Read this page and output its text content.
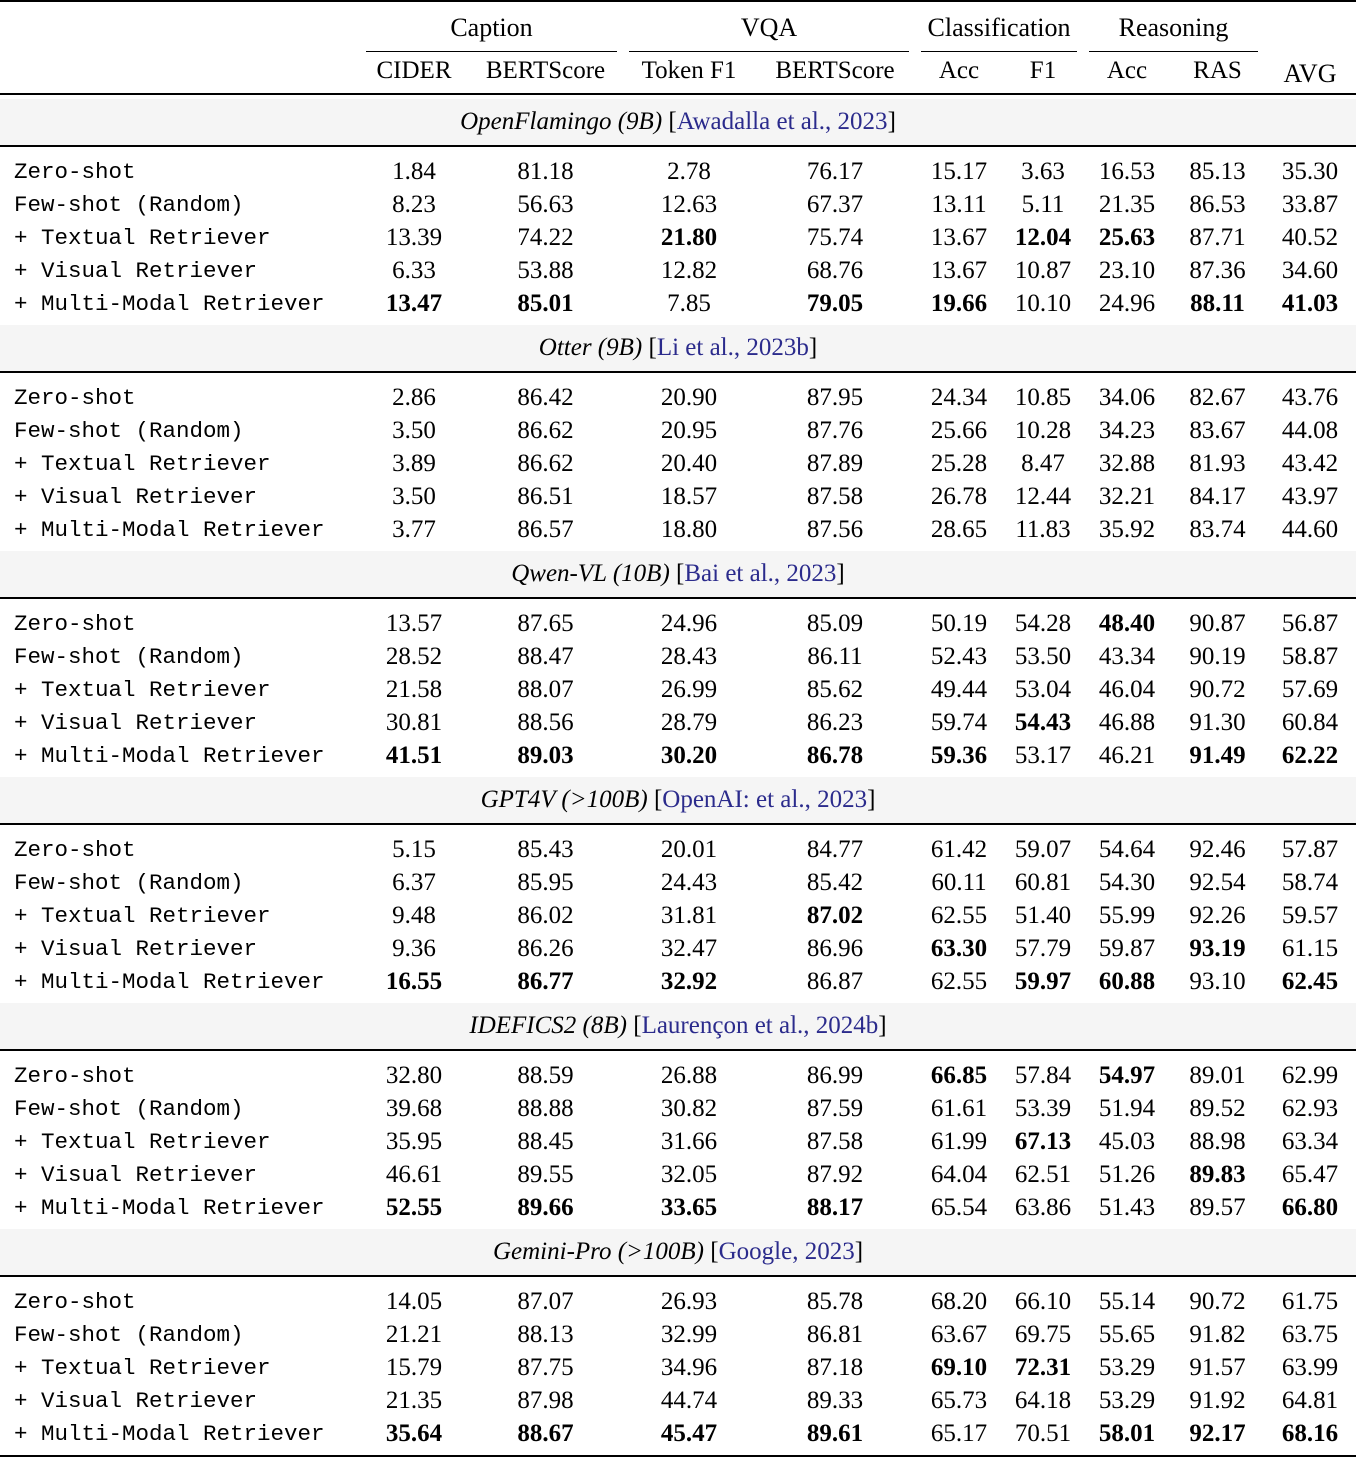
	Caption		VQA		Classification		Reasoning		AVG

	CIDER	BERTScore	Token F1	BERTScore	Acc	F1	Acc	RAS	

OpenFlamingo (9B) [Awadalla et al., 2023]									

Zero-shot	1.84	81.18	2.78	76.17	15.17	3.63	16.53	85.13	35.30
Few-shot (Random)	8.23	56.63	12.63	67.37	13.11	5.11	21.35	86.53	33.87
+ Textual Retriever	13.39	74.22	21.80	75.74	13.67	12.04	25.63	87.71	40.52
+ Visual Retriever	6.33	53.88	12.82	68.76	13.67	10.87	23.10	87.36	34.60
+ Multi-Modal Retriever	13.47	85.01	7.85	79.05	19.66	10.10	24.96	88.11	41.03

Otter (9B) [Li et al., 2023b]									

Zero-shot	2.86	86.42	20.90	87.95	24.34	10.85	34.06	82.67	43.76
Few-shot (Random)	3.50	86.62	20.95	87.76	25.66	10.28	34.23	83.67	44.08
+ Textual Retriever	3.89	86.62	20.40	87.89	25.28	8.47	32.88	81.93	43.42
+ Visual Retriever	3.50	86.51	18.57	87.58	26.78	12.44	32.21	84.17	43.97
+ Multi-Modal Retriever	3.77	86.57	18.80	87.56	28.65	11.83	35.92	83.74	44.60

Qwen-VL (10B) [Bai et al., 2023]									

Zero-shot	13.57	87.65	24.96	85.09	50.19	54.28	48.40	90.87	56.87
Few-shot (Random)	28.52	88.47	28.43	86.11	52.43	53.50	43.34	90.19	58.87
+ Textual Retriever	21.58	88.07	26.99	85.62	49.44	53.04	46.04	90.72	57.69
+ Visual Retriever	30.81	88.56	28.79	86.23	59.74	54.43	46.88	91.30	60.84
+ Multi-Modal Retriever	41.51	89.03	30.20	86.78	59.36	53.17	46.21	91.49	62.22

GPT4V (>100B) [OpenAI: et al., 2023]									

Zero-shot	5.15	85.43	20.01	84.77	61.42	59.07	54.64	92.46	57.87
Few-shot (Random)	6.37	85.95	24.43	85.42	60.11	60.81	54.30	92.54	58.74
+ Textual Retriever	9.48	86.02	31.81	87.02	62.55	51.40	55.99	92.26	59.57
+ Visual Retriever	9.36	86.26	32.47	86.96	63.30	57.79	59.87	93.19	61.15
+ Multi-Modal Retriever	16.55	86.77	32.92	86.87	62.55	59.97	60.88	93.10	62.45

IDEFICS2 (8B) [Laurençon et al., 2024b]									

Zero-shot	32.80	88.59	26.88	86.99	66.85	57.84	54.97	89.01	62.99
Few-shot (Random)	39.68	88.88	30.82	87.59	61.61	53.39	51.94	89.52	62.93
+ Textual Retriever	35.95	88.45	31.66	87.58	61.99	67.13	45.03	88.98	63.34
+ Visual Retriever	46.61	89.55	32.05	87.92	64.04	62.51	51.26	89.83	65.47
+ Multi-Modal Retriever	52.55	89.66	33.65	88.17	65.54	63.86	51.43	89.57	66.80

Gemini-Pro (>100B) [Google, 2023]									

Zero-shot	14.05	87.07	26.93	85.78	68.20	66.10	55.14	90.72	61.75
Few-shot (Random)	21.21	88.13	32.99	86.81	63.67	69.75	55.65	91.82	63.75
+ Textual Retriever	15.79	87.75	34.96	87.18	69.10	72.31	53.29	91.57	63.99
+ Visual Retriever	21.35	87.98	44.74	89.33	65.73	64.18	53.29	91.92	64.81
+ Multi-Modal Retriever	35.64	88.67	45.47	89.61	65.17	70.51	58.01	92.17	68.16
